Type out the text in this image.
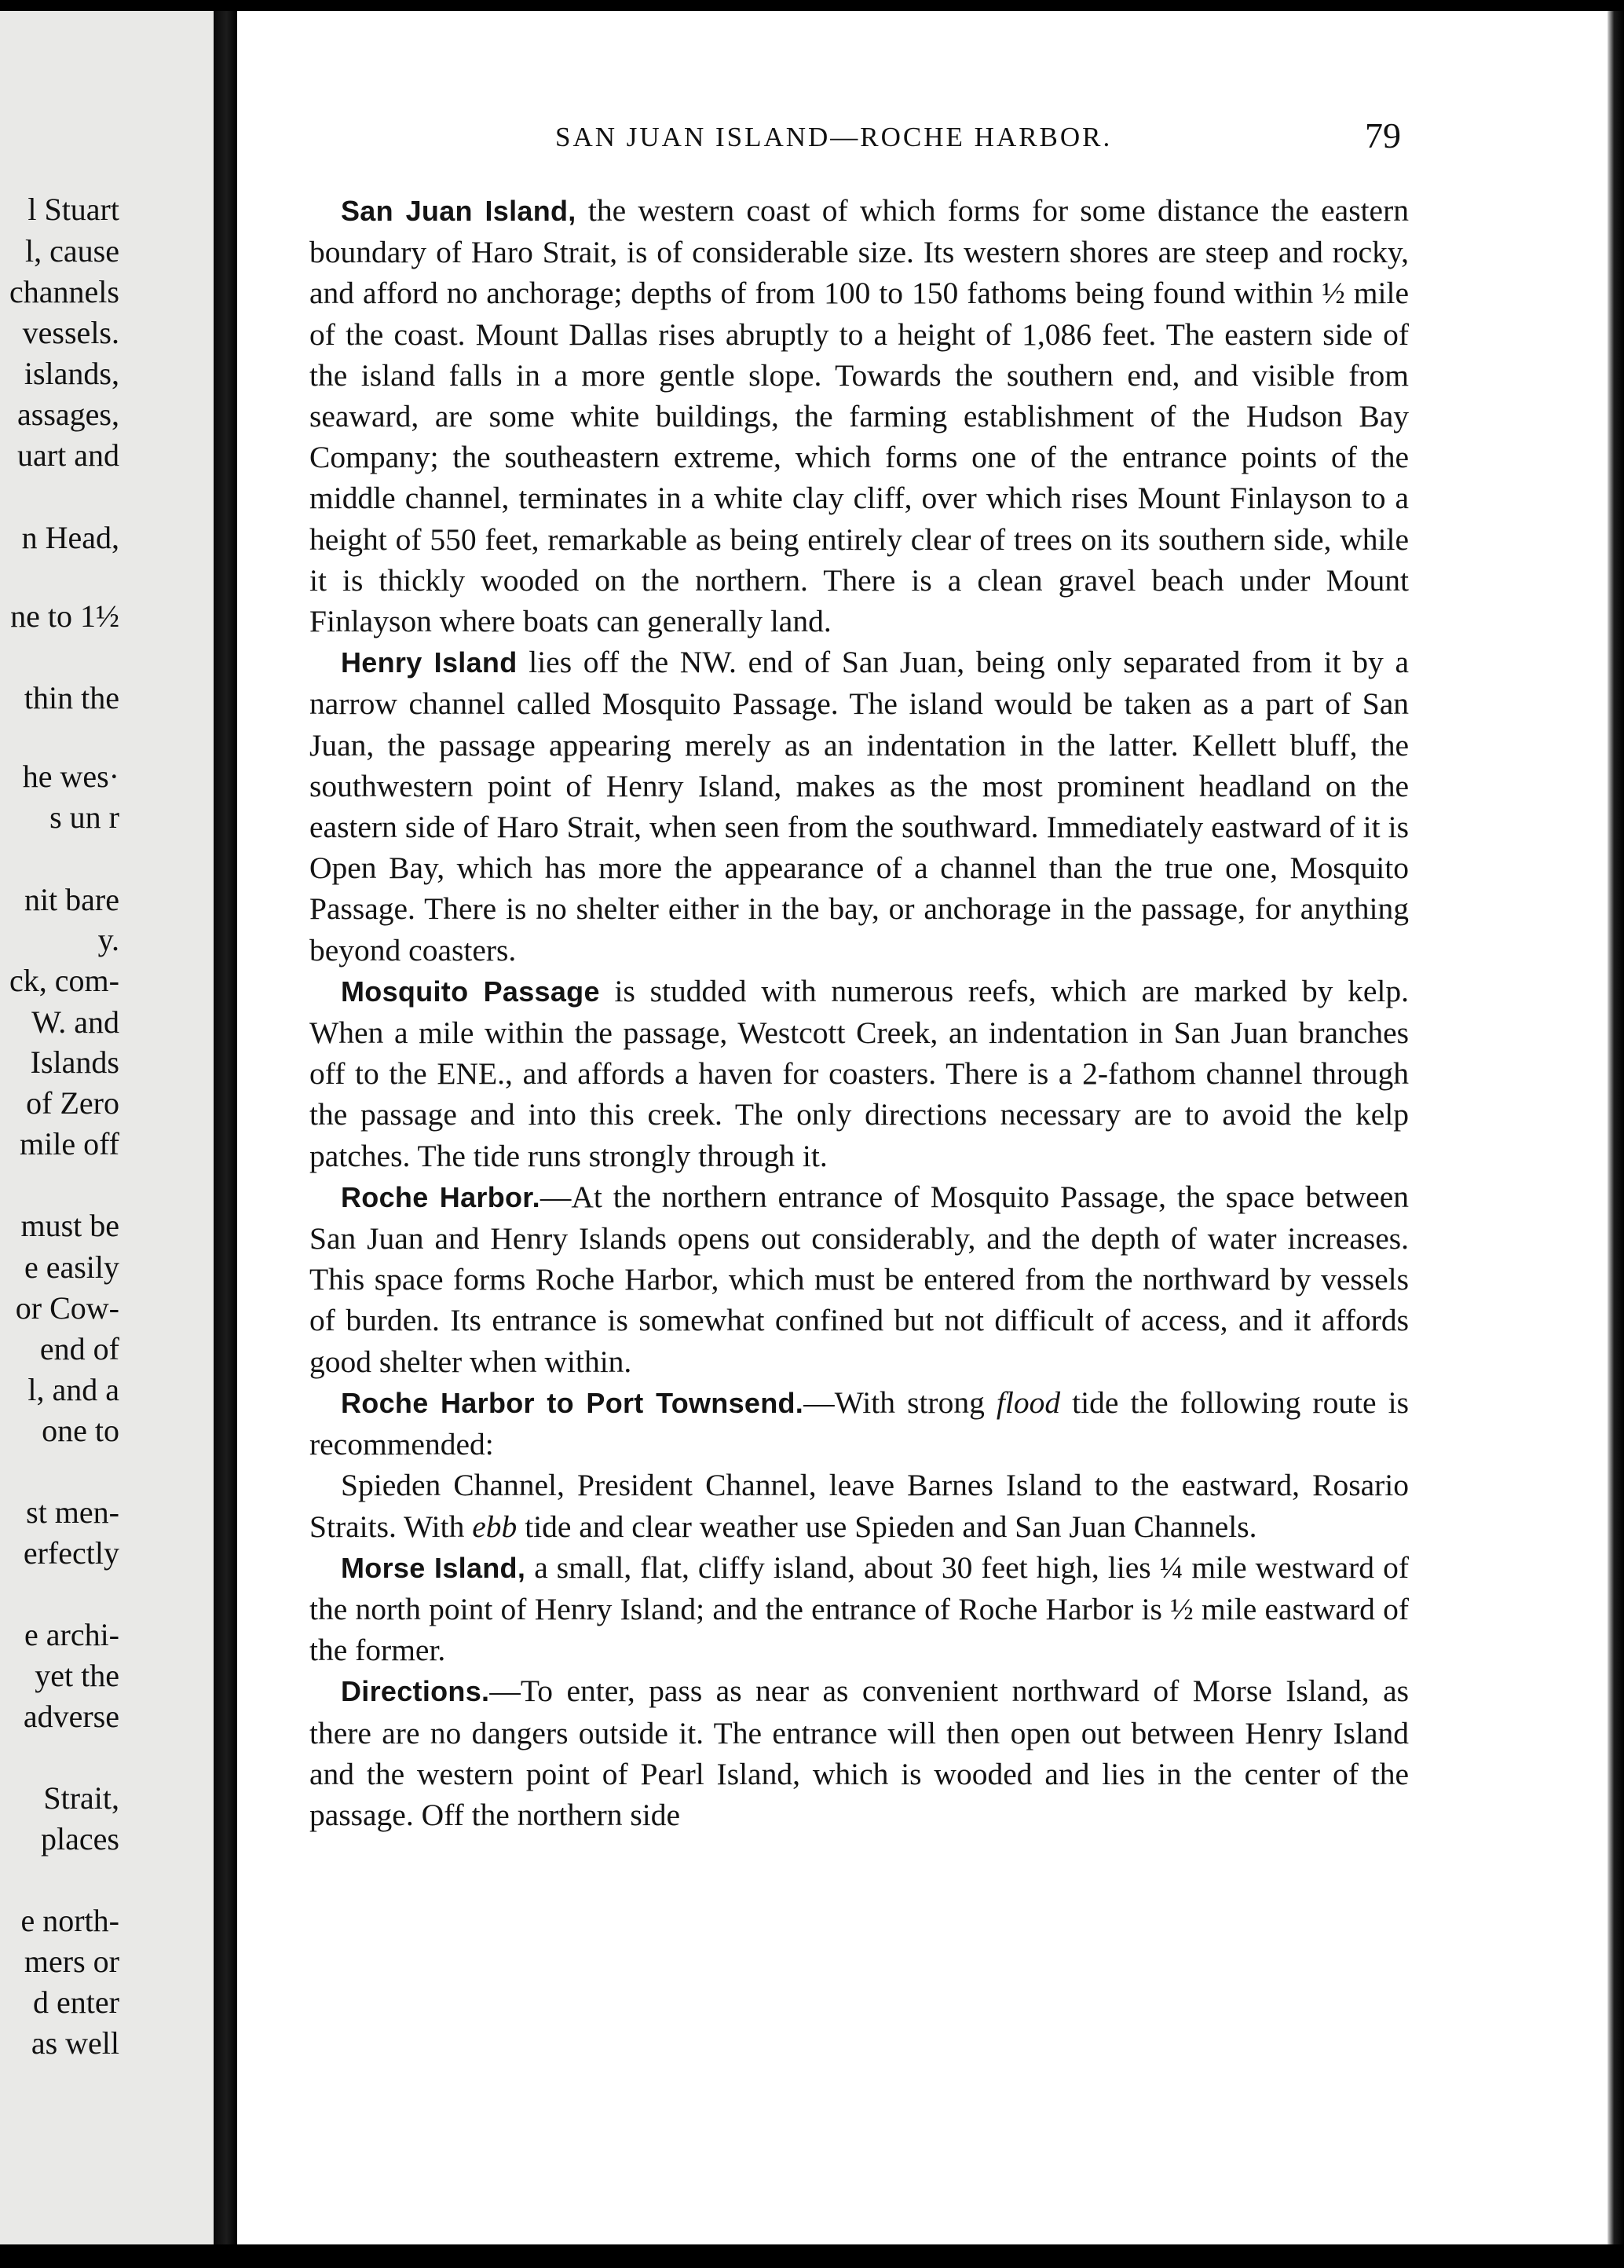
l Stuart
l, cause
channels
vessels.
islands,
assages,
uart and
n Head,
ne to 1½
thin the
he wes·
s un r
nit bare
y.
ck, com-
W. and
Islands
of Zero
mile off
must be
e easily
or Cow-
end of
l, and a
one to
st men-
erfectly
e archi-
yet the
adverse
Strait,
places
e north-
mers or
d enter
as well
SAN JUAN ISLAND—ROCHE HARBOR.	79

San Juan Island, the western coast of which forms for some distance the eastern boundary of Haro Strait, is of considerable size. Its western shores are steep and rocky, and afford no anchorage; depths of from 100 to 150 fathoms being found within ½ mile of the coast. Mount Dallas rises abruptly to a height of 1,086 feet. The eastern side of the island falls in a more gentle slope. Towards the southern end, and visible from seaward, are some white buildings, the farming establishment of the Hudson Bay Company; the southeastern extreme, which forms one of the entrance points of the middle channel, terminates in a white clay cliff, over which rises Mount Finlayson to a height of 550 feet, remarkable as being entirely clear of trees on its southern side, while it is thickly wooded on the northern. There is a clean gravel beach under Mount Finlayson where boats can generally land.

Henry Island lies off the NW. end of San Juan, being only separated from it by a narrow channel called Mosquito Passage. The island would be taken as a part of San Juan, the passage appearing merely as an indentation in the latter. Kellett bluff, the southwestern point of Henry Island, makes as the most prominent headland on the eastern side of Haro Strait, when seen from the southward. Immediately eastward of it is Open Bay, which has more the appearance of a channel than the true one, Mosquito Passage. There is no shelter either in the bay, or anchorage in the passage, for anything beyond coasters.

Mosquito Passage is studded with numerous reefs, which are marked by kelp. When a mile within the passage, Westcott Creek, an indentation in San Juan branches off to the ENE., and affords a haven for coasters. There is a 2-fathom channel through the passage and into this creek. The only directions necessary are to avoid the kelp patches. The tide runs strongly through it.

Roche Harbor.—At the northern entrance of Mosquito Passage, the space between San Juan and Henry Islands opens out considerably, and the depth of water increases. This space forms Roche Harbor, which must be entered from the northward by vessels of burden. Its entrance is somewhat confined but not difficult of access, and it affords good shelter when within.

Roche Harbor to Port Townsend.—With strong flood tide the following route is recommended:

Spieden Channel, President Channel, leave Barnes Island to the eastward, Rosario Straits. With ebb tide and clear weather use Spieden and San Juan Channels.

Morse Island, a small, flat, cliffy island, about 30 feet high, lies ¼ mile westward of the north point of Henry Island; and the entrance of Roche Harbor is ½ mile eastward of the former.

Directions.—To enter, pass as near as convenient northward of Morse Island, as there are no dangers outside it. The entrance will then open out between Henry Island and the western point of Pearl Island, which is wooded and lies in the center of the passage. Off the northern side
